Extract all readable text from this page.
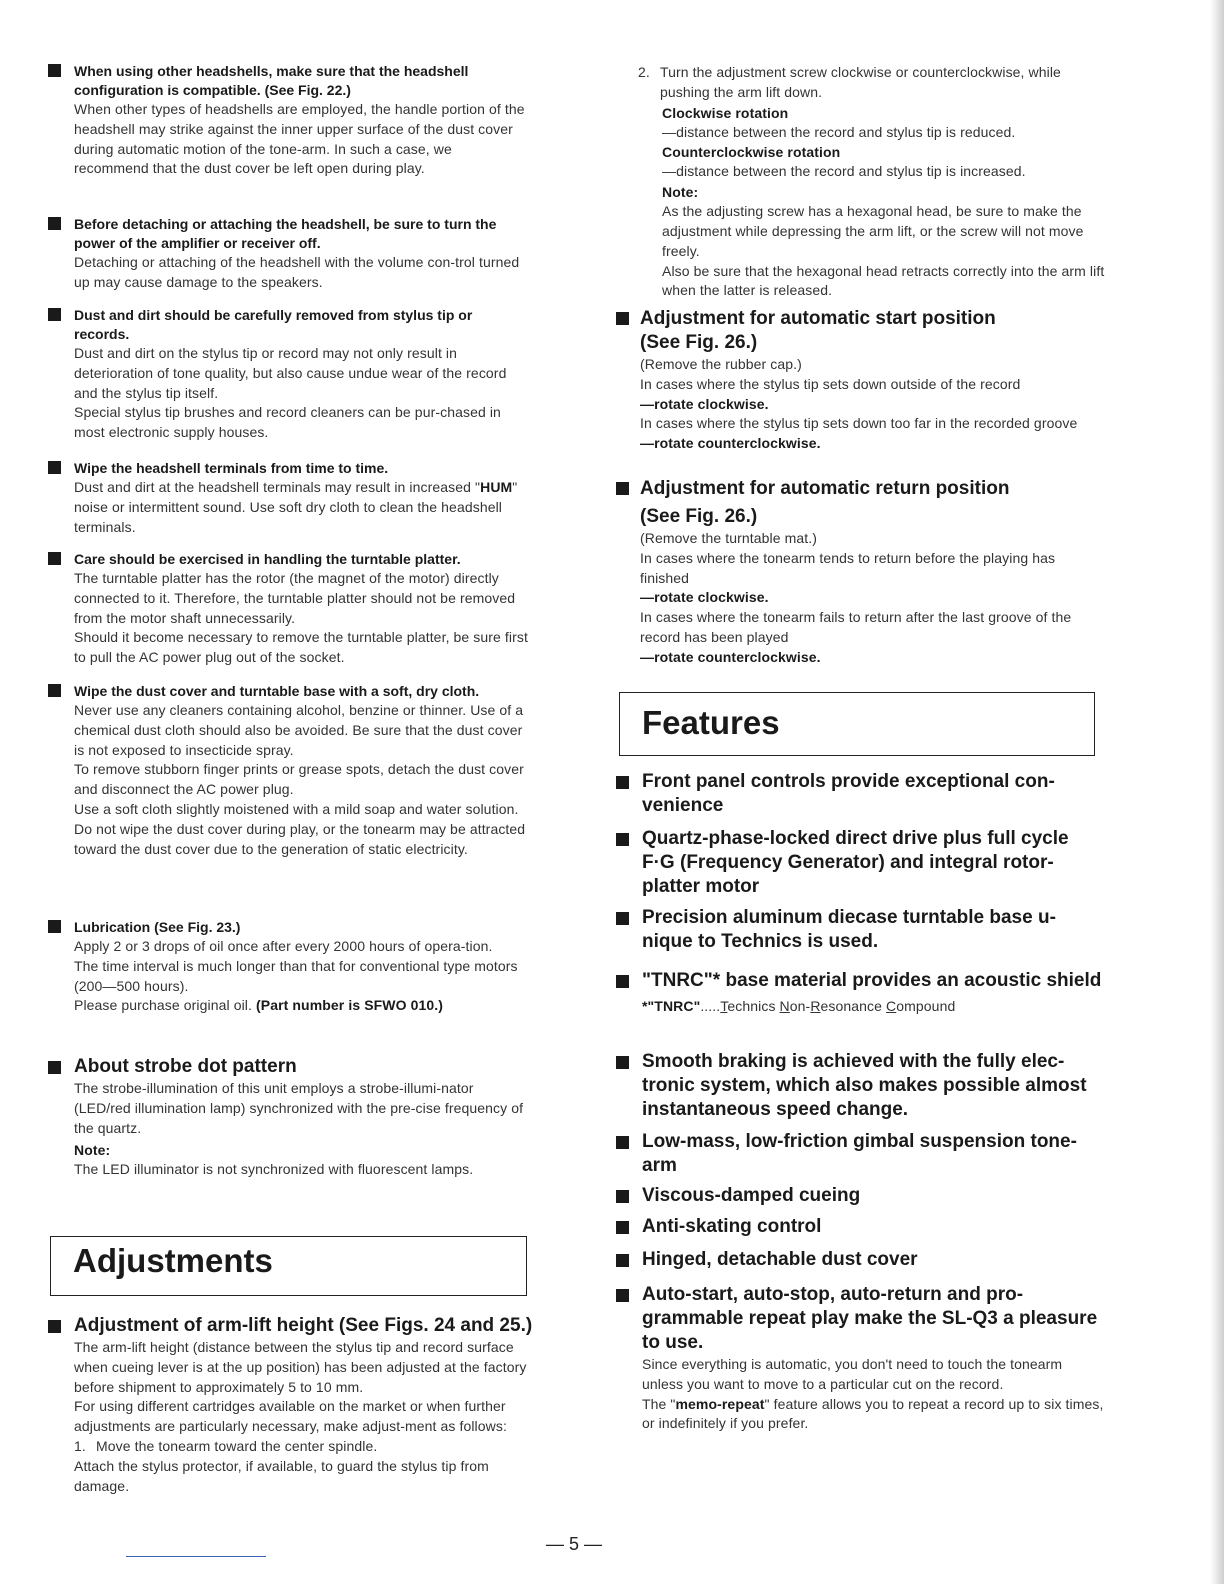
When using other headshells, make sure that the headshell configuration is compatible. (See Fig. 22.)

When other types of headshells are employed, the handle portion of the headshell may strike against the inner upper surface of the dust cover during automatic motion of the tone-arm. In such a case, we recommend that the dust cover be left open during play.

Before detaching or attaching the headshell, be sure to turn the power of the amplifier or receiver off.

Detaching or attaching of the headshell with the volume con-trol turned up may cause damage to the speakers.

Dust and dirt should be carefully removed from stylus tip or records.

Dust and dirt on the stylus tip or record may not only result in deterioration of tone quality, but also cause undue wear of the record and the stylus tip itself.

Special stylus tip brushes and record cleaners can be pur-chased in most electronic supply houses.

Wipe the headshell terminals from time to time.

Dust and dirt at the headshell terminals may result in increased "HUM" noise or intermittent sound. Use soft dry cloth to clean the headshell terminals.

Care should be exercised in handling the turntable platter.

The turntable platter has the rotor (the magnet of the motor) directly connected to it. Therefore, the turntable platter should not be removed from the motor shaft unnecessarily.

Should it become necessary to remove the turntable platter, be sure first to pull the AC power plug out of the socket.

Wipe the dust cover and turntable base with a soft, dry cloth.

Never use any cleaners containing alcohol, benzine or thinner. Use of a chemical dust cloth should also be avoided. Be sure that the dust cover is not exposed to insecticide spray.

To remove stubborn finger prints or grease spots, detach the dust cover and disconnect the AC power plug.

Use a soft cloth slightly moistened with a mild soap and water solution.

Do not wipe the dust cover during play, or the tonearm may be attracted toward the dust cover due to the generation of static electricity.

Lubrication (See Fig. 23.)

Apply 2 or 3 drops of oil once after every 2000 hours of opera-tion.

The time interval is much longer than that for conventional type motors (200—500 hours).

Please purchase original oil. (Part number is SFWO 010.)

About strobe dot pattern

The strobe-illumination of this unit employs a strobe-illumi-nator (LED/red illumination lamp) synchronized with the pre-cise frequency of the quartz.

Note:

The LED illuminator is not synchronized with fluorescent lamps.

Adjustments
Adjustment of arm-lift height (See Figs. 24 and 25.)

The arm-lift height (distance between the stylus tip and record surface when cueing lever is at the up position) has been adjusted at the factory before shipment to approximately 5 to 10 mm.

For using different cartridges available on the market or when further adjustments are particularly necessary, make adjust-ment as follows:

1. Move the tonearm toward the center spindle.

Attach the stylus protector, if available, to guard the stylus tip from damage.

2. Turn the adjustment screw clockwise or counterclockwise, while pushing the arm lift down.
Clockwise rotation

—distance between the record and stylus tip is reduced.

Counterclockwise rotation

—distance between the record and stylus tip is increased.

Note:

As the adjusting screw has a hexagonal head, be sure to make the adjustment while depressing the arm lift, or the screw will not move freely.

Also be sure that the hexagonal head retracts correctly into the arm lift when the latter is released.

Adjustment for automatic start position
(See Fig. 26.)

(Remove the rubber cap.)

In cases where the stylus tip sets down outside of the record

—rotate clockwise.

In cases where the stylus tip sets down too far in the recorded groove

—rotate counterclockwise.

Adjustment for automatic return position
(See Fig. 26.)

(Remove the turntable mat.)

In cases where the tonearm tends to return before the playing has finished

—rotate clockwise.

In cases where the tonearm fails to return after the last groove of the record has been played

—rotate counterclockwise.

Features
Front panel controls provide exceptional con-venience
Quartz-phase-locked direct drive plus full cycle F·G (Frequency Generator) and integral rotor-platter motor
Precision aluminum diecase turntable base u-nique to Technics is used.
"TNRC"* base material provides an acoustic shield
*"TNRC".....Technics Non-Resonance Compound
Smooth braking is achieved with the fully elec-tronic system, which also makes possible almost instantaneous speed change.
Low-mass, low-friction gimbal suspension tone-arm
Viscous-damped cueing
Anti-skating control
Hinged, detachable dust cover
Auto-start, auto-stop, auto-return and pro-grammable repeat play make the SL-Q3 a pleasure to use.

Since everything is automatic, you don't need to touch the tonearm unless you want to move to a particular cut on the record.

The "memo-repeat" feature allows you to repeat a record up to six times, or indefinitely if you prefer.

— 5 —
